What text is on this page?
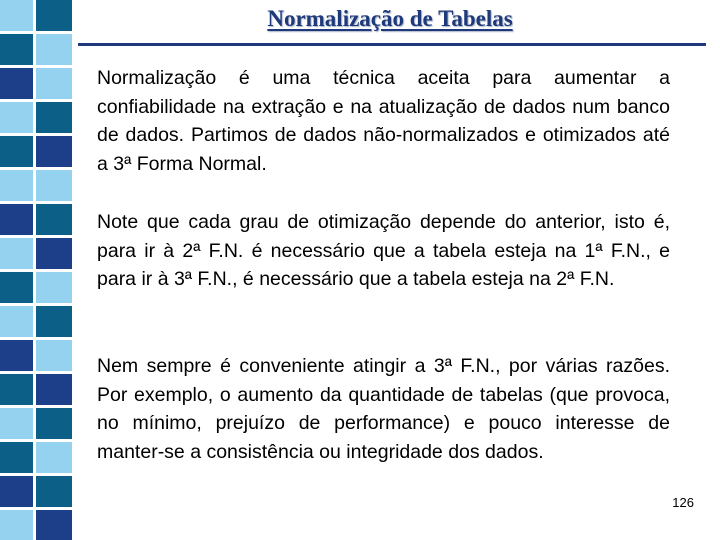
Normalização de Tabelas

Normalização é uma técnica aceita para aumentar a confiabilidade na extração e na atualização de dados num banco de dados. Partimos de dados não-normalizados e otimizados até a 3ª Forma Normal.

Note que cada grau de otimização depende do anterior, isto é, para ir à 2ª F.N. é necessário que a tabela esteja na 1ª F.N., e para ir à 3ª F.N., é necessário que a tabela esteja na 2ª F.N.

Nem sempre é conveniente atingir a 3ª F.N., por várias razões. Por exemplo, o aumento da quantidade de tabelas (que provoca, no mínimo, prejuízo de performance) e pouco interesse de manter-se a consistência ou integridade dos dados.

126
